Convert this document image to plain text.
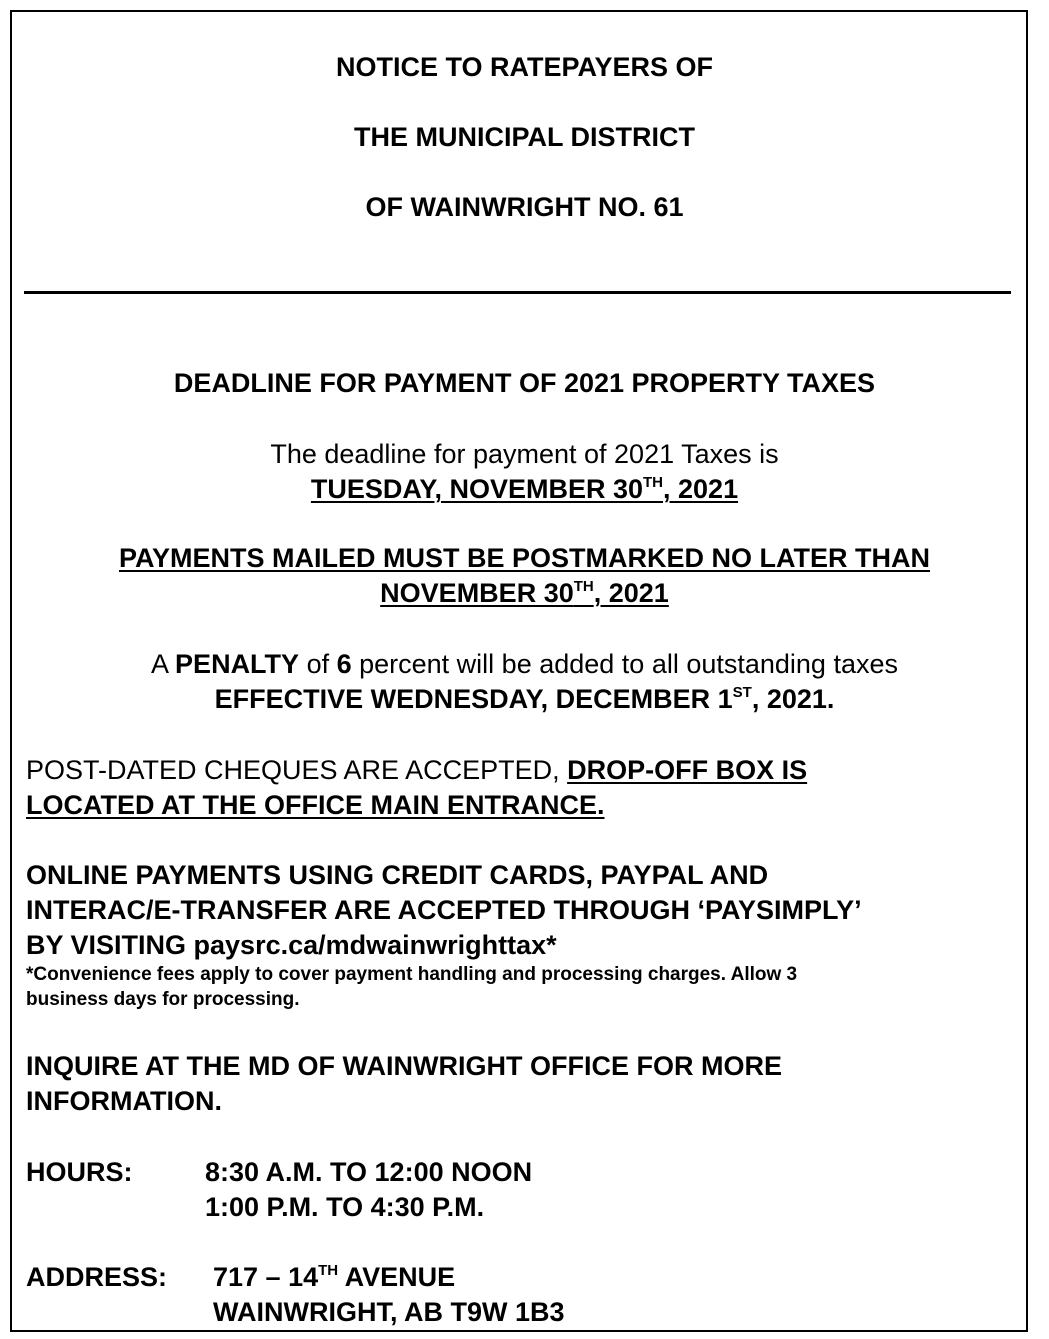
NOTICE TO RATEPAYERS OF
THE MUNICIPAL DISTRICT
OF WAINWRIGHT NO. 61
DEADLINE FOR PAYMENT OF 2021 PROPERTY TAXES
The deadline for payment of 2021 Taxes is
TUESDAY, NOVEMBER 30TH, 2021
PAYMENTS MAILED MUST BE POSTMARKED NO LATER THAN
NOVEMBER 30TH, 2021
A PENALTY of 6 percent will be added to all outstanding taxes
EFFECTIVE WEDNESDAY, DECEMBER 1ST, 2021.
POST-DATED CHEQUES ARE ACCEPTED, DROP-OFF BOX IS
LOCATED AT THE OFFICE MAIN ENTRANCE.
ONLINE PAYMENTS USING CREDIT CARDS, PAYPAL AND
INTERAC/E-TRANSFER ARE ACCEPTED THROUGH ‘PAYSIMPLY’
BY VISITING paysrc.ca/mdwainwrighttax*
*Convenience fees apply to cover payment handling and processing charges. Allow 3
business days for processing.
INQUIRE AT THE MD OF WAINWRIGHT OFFICE FOR MORE
INFORMATION.
HOURS:	8:30 A.M. TO 12:00 NOON
1:00 P.M. TO 4:30 P.M.
ADDRESS: 717 – 14TH AVENUE
WAINWRIGHT, AB T9W 1B3
